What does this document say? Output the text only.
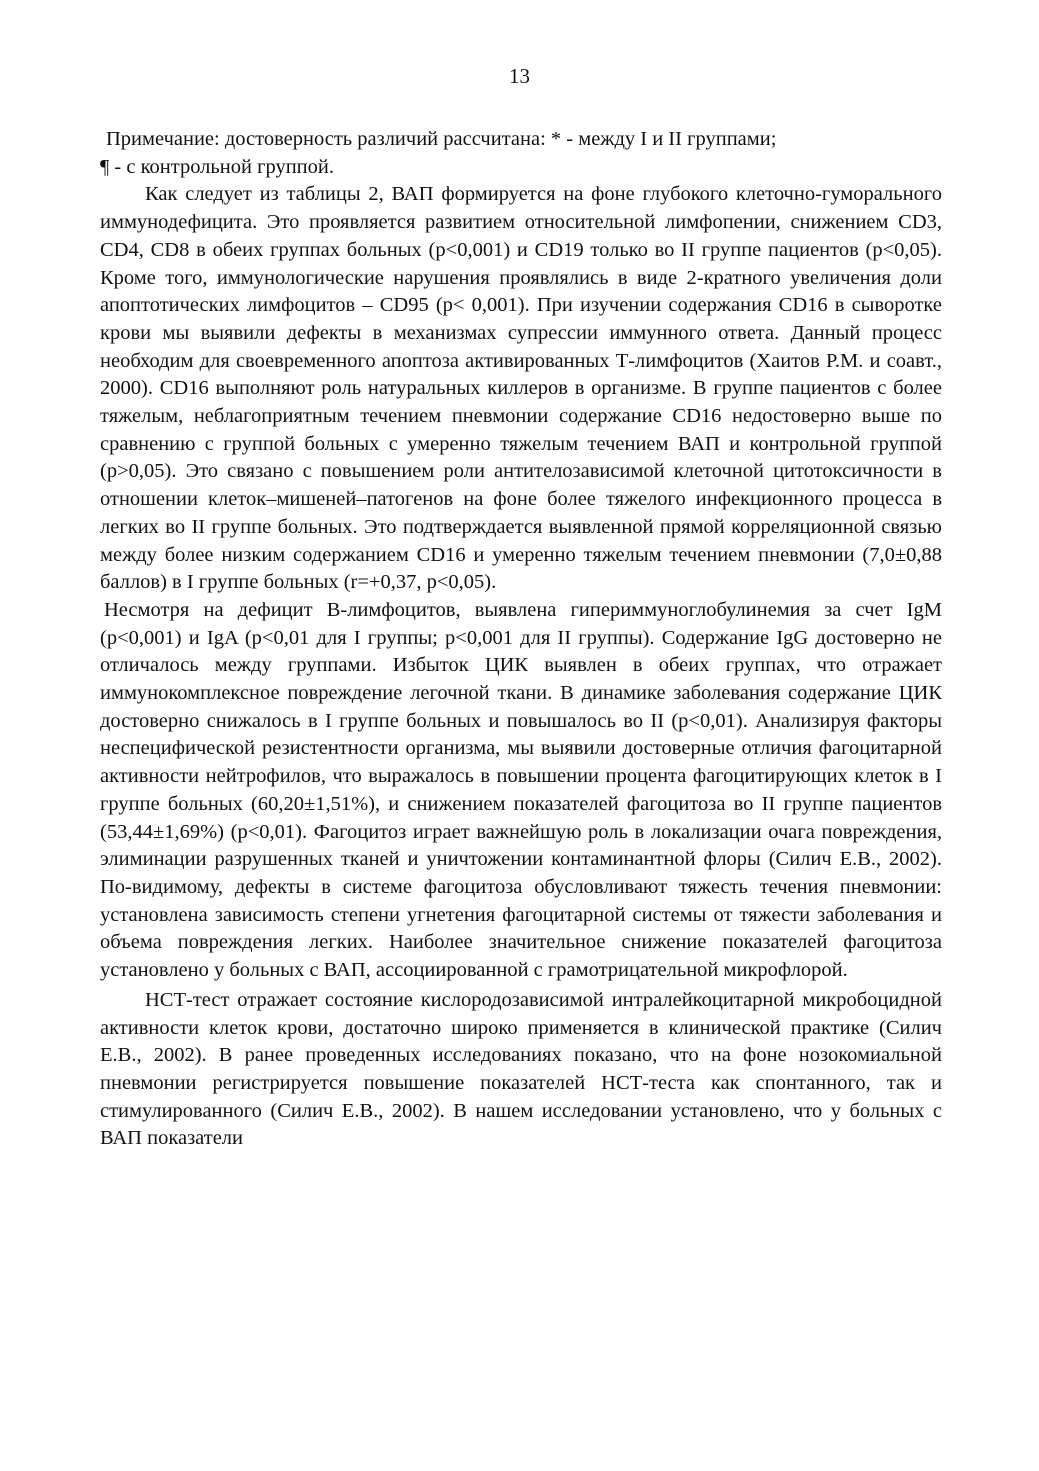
13

Примечание: достоверность различий рассчитана: * - между I и II группами;

¶ - с контрольной группой.

Как следует из таблицы 2, ВАП формируется на фоне глубокого клеточно-гуморального иммунодефицита. Это проявляется развитием относительной лимфопении, снижением CD3, CD4, CD8 в обеих группах больных (p<0,001) и CD19 только во II группе пациентов (p<0,05). Кроме того, иммунологические нарушения проявлялись в виде 2-кратного увеличения доли апоптотических лимфоцитов – CD95 (p< 0,001). При изучении содержания CD16 в сыворотке крови мы выявили дефекты в механизмах супрессии иммунного ответа. Данный процесс необходим для своевременного апоптоза активированных Т-лимфоцитов (Хаитов Р.М. и соавт., 2000). CD16 выполняют роль натуральных киллеров в организме. В группе пациентов с более тяжелым, неблагоприятным течением пневмонии содержание CD16 недостоверно выше по сравнению с группой больных с умеренно тяжелым течением ВАП и контрольной группой (p>0,05). Это связано с повышением роли антителозависимой клеточной цитотоксичности в отношении клеток–мишеней–патогенов на фоне более тяжелого инфекционного процесса в легких во II группе больных. Это подтверждается выявленной прямой корреляционной связью между более низким содержанием CD16 и умеренно тяжелым течением пневмонии (7,0±0,88 баллов) в I группе больных (r=+0,37, p<0,05).

Несмотря на дефицит В-лимфоцитов, выявлена гипериммуноглобулинемия за счет IgM (p<0,001) и IgA (p<0,01 для I группы; p<0,001 для II группы). Содержание IgG достоверно не отличалось между группами. Избыток ЦИК выявлен в обеих группах, что отражает иммунокомплексное повреждение легочной ткани. В динамике заболевания содержание ЦИК достоверно снижалось в I группе больных и повышалось во II (p<0,01). Анализируя факторы неспецифической резистентности организма, мы выявили достоверные отличия фагоцитарной активности нейтрофилов, что выражалось в повышении процента фагоцитирующих клеток в I группе больных (60,20±1,51%), и снижением показателей фагоцитоза во II группе пациентов (53,44±1,69%) (p<0,01). Фагоцитоз играет важнейшую роль в локализации очага повреждения, элиминации разрушенных тканей и уничтожении контаминантной флоры (Силич Е.В., 2002). По-видимому, дефекты в системе фагоцитоза обусловливают тяжесть течения пневмонии: установлена зависимость степени угнетения фагоцитарной системы от тяжести заболевания и объема повреждения легких. Наиболее значительное снижение показателей фагоцитоза установлено у больных с ВАП, ассоциированной с грамотрицательной микрофлорой.

НСТ-тест отражает состояние кислородозависимой интралейкоцитарной микробоцидной активности клеток крови, достаточно широко применяется в клинической практике (Силич Е.В., 2002). В ранее проведенных исследованиях показано, что на фоне нозокомиальной пневмонии регистрируется повышение показателей НСТ-теста как спонтанного, так и стимулированного (Силич Е.В., 2002). В нашем исследовании установлено, что у больных с ВАП показатели
